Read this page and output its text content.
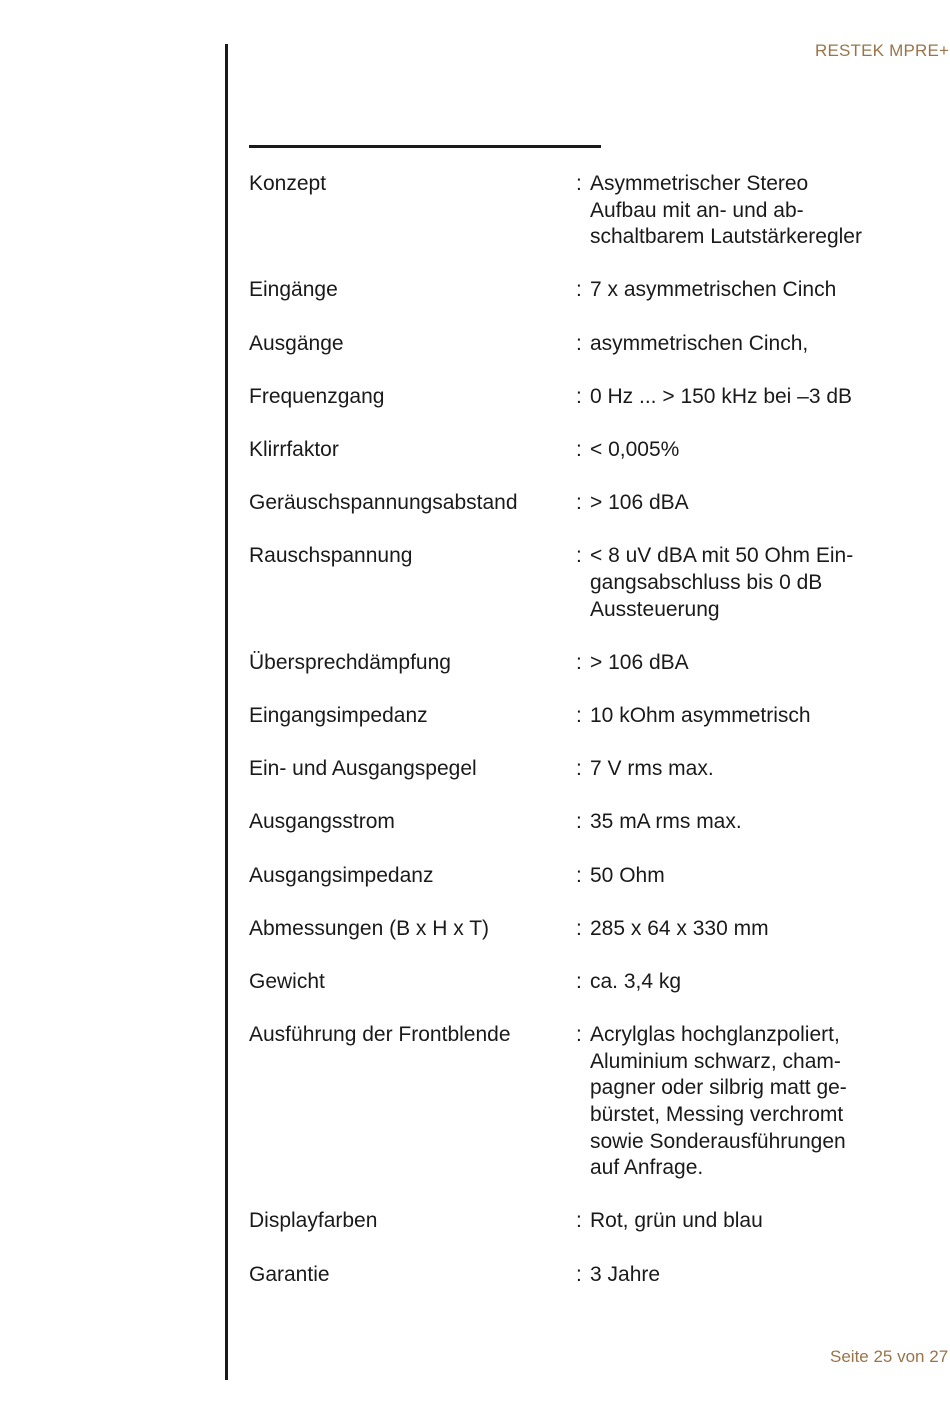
RESTEK MPRE+
Konzept	: Asymmetrischer Stereo
Aufbau mit an- und ab-
schaltbarem Lautstärkeregler
Eingänge	: 7 x asymmetrischen Cinch
Ausgänge	: asymmetrischen Cinch,
Frequenzgang	: 0 Hz ... > 150 kHz bei –3 dB
Klirrfaktor	: < 0,005%
Geräuschspannungsabstand	: > 106 dBA
Rauschspannung	: < 8 uV dBA mit 50 Ohm Ein-
gangsabschluss bis 0 dB
Aussteuerung
Übersprechdämpfung	: > 106 dBA
Eingangsimpedanz	: 10 kOhm asymmetrisch
Ein- und Ausgangspegel	: 7 V rms max.
Ausgangsstrom	: 35 mA rms max.
Ausgangsimpedanz	: 50 Ohm
Abmessungen (B x H x T)	: 285 x 64 x 330 mm
Gewicht	: ca. 3,4 kg
Ausführung der Frontblende	: Acrylglas hochglanzpoliert,
Aluminium schwarz, cham-
pagner oder silbrig matt ge-
bürstet, Messing verchromt
sowie Sonderausführungen
auf Anfrage.
Displayfarben	: Rot, grün und blau
Garantie	: 3 Jahre
Seite 25 von 27
